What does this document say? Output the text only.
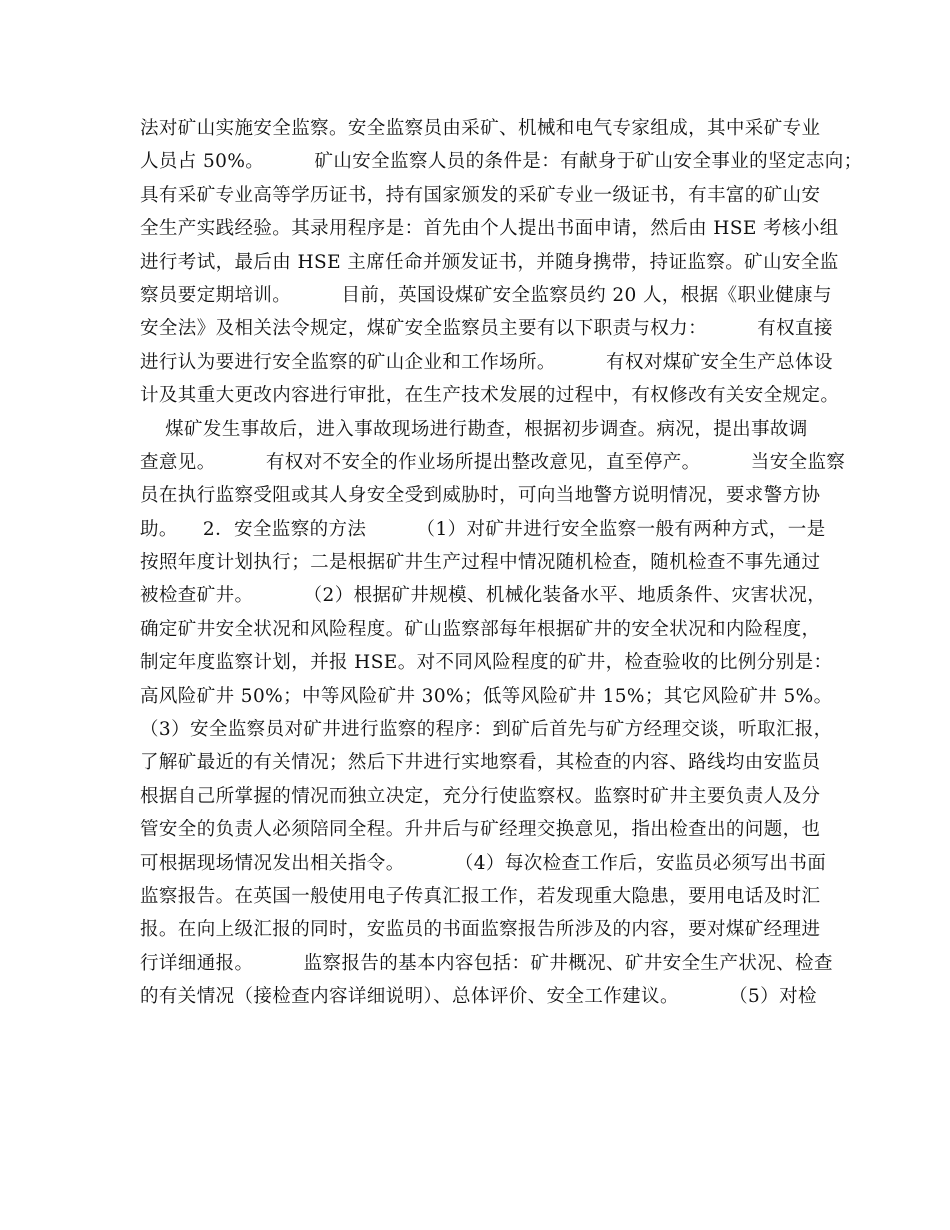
法对矿山实施安全监察。安全监察员由采矿、机械和电气专家组成，其中采矿专业
人员占 50%。        矿山安全监察人员的条件是：有献身于矿山安全事业的坚定志向；
具有采矿专业高等学历证书，持有国家颁发的采矿专业一级证书，有丰富的矿山安
全生产实践经验。其录用程序是：首先由个人提出书面申请，然后由 HSE 考核小组
进行考试，最后由 HSE 主席任命并颁发证书，并随身携带，持证监察。矿山安全监
察员要定期培训。        目前，英国设煤矿安全监察员约 20 人，根据《职业健康与
安全法》及相关法令规定，煤矿安全监察员主要有以下职责与权力：        有权直接
进行认为要进行安全监察的矿山企业和工作场所。        有权对煤矿安全生产总体设
计及其重大更改内容进行审批，在生产技术发展的过程中，有权修改有关安全规定。
煤矿发生事故后，进入事故现场进行勘查，根据初步调查。病况，提出事故调
查意见。        有权对不安全的作业场所提出整改意见，直至停产。        当安全监察
员在执行监察受阻或其人身安全受到威胁时，可向当地警方说明情况，要求警方协
助。    2．安全监察的方法        （1）对矿井进行安全监察一般有两种方式，一是
按照年度计划执行；二是根据矿井生产过程中情况随机检查，随机检查不事先通过
被检查矿井。        （2）根据矿井规模、机械化装备水平、地质条件、灾害状况，
确定矿井安全状况和风险程度。矿山监察部每年根据矿井的安全状况和内险程度，
制定年度监察计划，并报 HSE。对不同风险程度的矿井，检查验收的比例分别是：
高风险矿井 50%；中等风险矿井 30%；低等风险矿井 15%；其它风险矿井 5%。
（3）安全监察员对矿井进行监察的程序：到矿后首先与矿方经理交谈，听取汇报，
了解矿最近的有关情况；然后下井进行实地察看，其检查的内容、路线均由安监员
根据自己所掌握的情况而独立决定，充分行使监察权。监察时矿井主要负责人及分
管安全的负责人必须陪同全程。升井后与矿经理交换意见，指出检查出的问题，也
可根据现场情况发出相关指令。        （4）每次检查工作后，安监员必须写出书面
监察报告。在英国一般使用电子传真汇报工作，若发现重大隐患，要用电话及时汇
报。在向上级汇报的同时，安监员的书面监察报告所涉及的内容，要对煤矿经理进
行详细通报。        监察报告的基本内容包括：矿井概况、矿井安全生产状况、检查
的有关情况（接检查内容详细说明）、总体评价、安全工作建议。        （5）对检
